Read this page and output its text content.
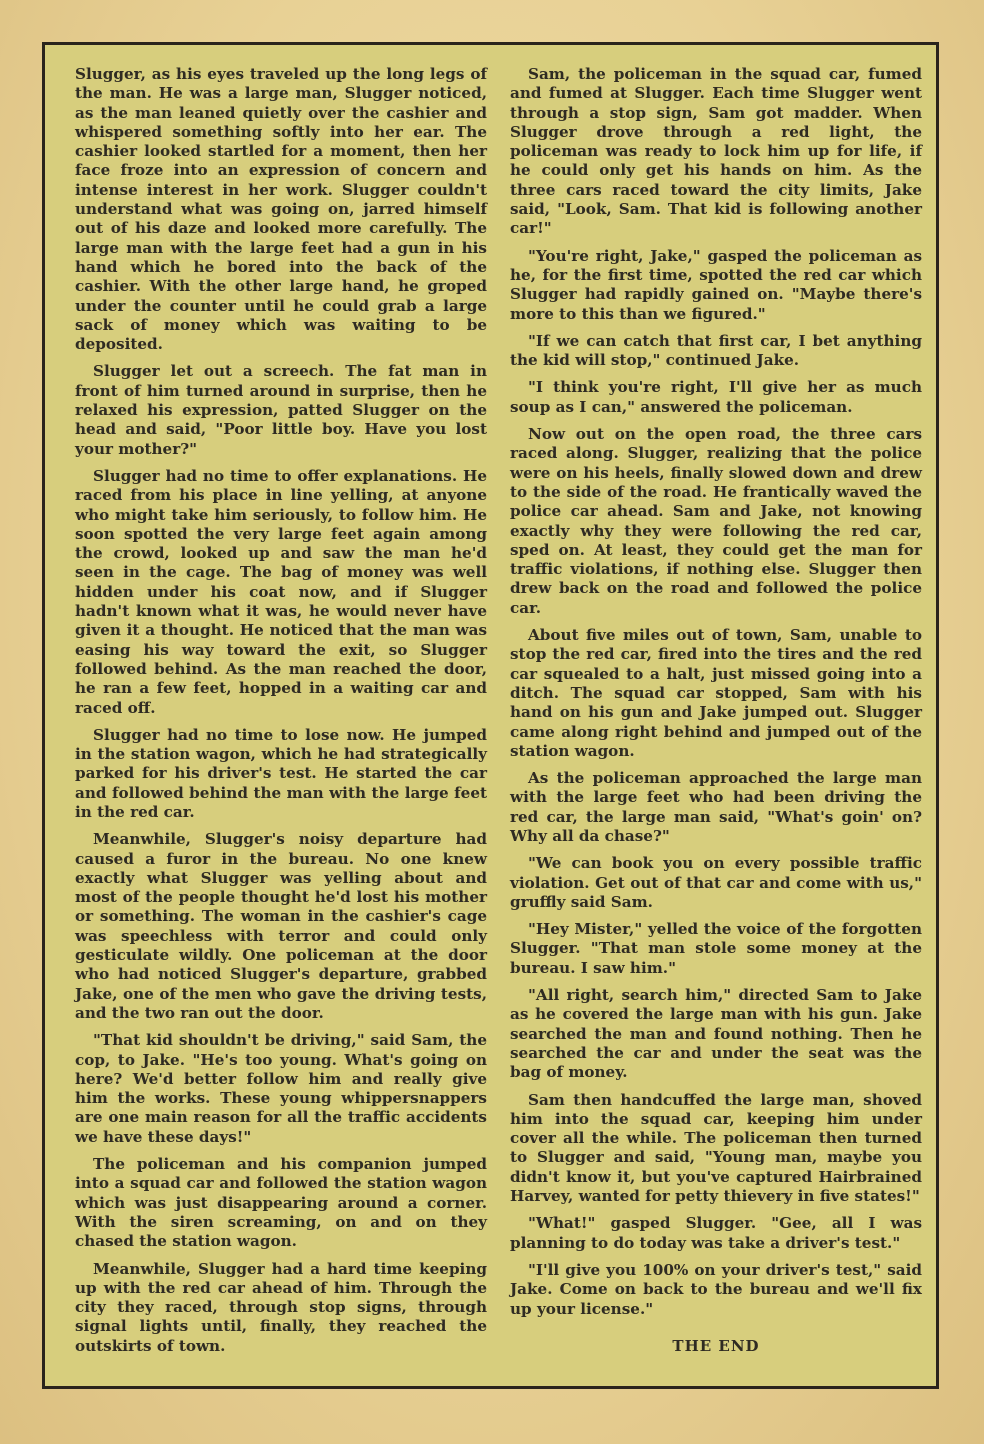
Slugger, as his eyes traveled up the long legs of the man. He was a large man, Slugger noticed, as the man leaned quietly over the cashier and whispered something softly into her ear. The cashier looked startled for a moment, then her face froze into an expression of concern and intense interest in her work. Slugger couldn't understand what was going on, jarred himself out of his daze and looked more carefully. The large man with the large feet had a gun in his hand which he bored into the back of the cashier. With the other large hand, he groped under the counter until he could grab a large sack of money which was waiting to be deposited.

Slugger let out a screech. The fat man in front of him turned around in surprise, then he relaxed his expression, patted Slugger on the head and said, "Poor little boy. Have you lost your mother?"

Slugger had no time to offer explanations. He raced from his place in line yelling, at anyone who might take him seriously, to follow him. He soon spotted the very large feet again among the crowd, looked up and saw the man he'd seen in the cage. The bag of money was well hidden under his coat now, and if Slugger hadn't known what it was, he would never have given it a thought. He noticed that the man was easing his way toward the exit, so Slugger followed behind. As the man reached the door, he ran a few feet, hopped in a waiting car and raced off.

Slugger had no time to lose now. He jumped in the station wagon, which he had strategically parked for his driver's test. He started the car and followed behind the man with the large feet in the red car.

Meanwhile, Slugger's noisy departure had caused a furor in the bureau. No one knew exactly what Slugger was yelling about and most of the people thought he'd lost his mother or something. The woman in the cashier's cage was speechless with terror and could only gesticulate wildly. One policeman at the door who had noticed Slugger's departure, grabbed Jake, one of the men who gave the driving tests, and the two ran out the door.

"That kid shouldn't be driving," said Sam, the cop, to Jake. "He's too young. What's going on here? We'd better follow him and really give him the works. These young whippersnappers are one main reason for all the traffic accidents we have these days!"

The policeman and his companion jumped into a squad car and followed the station wagon which was just disappearing around a corner. With the siren screaming, on and on they chased the station wagon.

Meanwhile, Slugger had a hard time keeping up with the red car ahead of him. Through the city they raced, through stop signs, through signal lights until, finally, they reached the outskirts of town.

Sam, the policeman in the squad car, fumed and fumed at Slugger. Each time Slugger went through a stop sign, Sam got madder. When Slugger drove through a red light, the policeman was ready to lock him up for life, if he could only get his hands on him. As the three cars raced toward the city limits, Jake said, "Look, Sam. That kid is following another car!"

"You're right, Jake," gasped the policeman as he, for the first time, spotted the red car which Slugger had rapidly gained on. "Maybe there's more to this than we figured."

"If we can catch that first car, I bet anything the kid will stop," continued Jake.

"I think you're right, I'll give her as much soup as I can," answered the policeman.

Now out on the open road, the three cars raced along. Slugger, realizing that the police were on his heels, finally slowed down and drew to the side of the road. He frantically waved the police car ahead. Sam and Jake, not knowing exactly why they were following the red car, sped on. At least, they could get the man for traffic violations, if nothing else. Slugger then drew back on the road and followed the police car.

About five miles out of town, Sam, unable to stop the red car, fired into the tires and the red car squealed to a halt, just missed going into a ditch. The squad car stopped, Sam with his hand on his gun and Jake jumped out. Slugger came along right behind and jumped out of the station wagon.

As the policeman approached the large man with the large feet who had been driving the red car, the large man said, "What's goin' on? Why all da chase?"

"We can book you on every possible traffic violation. Get out of that car and come with us," gruffly said Sam.

"Hey Mister," yelled the voice of the forgotten Slugger. "That man stole some money at the bureau. I saw him."

"All right, search him," directed Sam to Jake as he covered the large man with his gun. Jake searched the man and found nothing. Then he searched the car and under the seat was the bag of money.

Sam then handcuffed the large man, shoved him into the squad car, keeping him under cover all the while. The policeman then turned to Slugger and said, "Young man, maybe you didn't know it, but you've captured Hairbrained Harvey, wanted for petty thievery in five states!"

"What!" gasped Slugger. "Gee, all I was planning to do today was take a driver's test."

"I'll give you 100% on your driver's test," said Jake. Come on back to the bureau and we'll fix up your license."

THE END
